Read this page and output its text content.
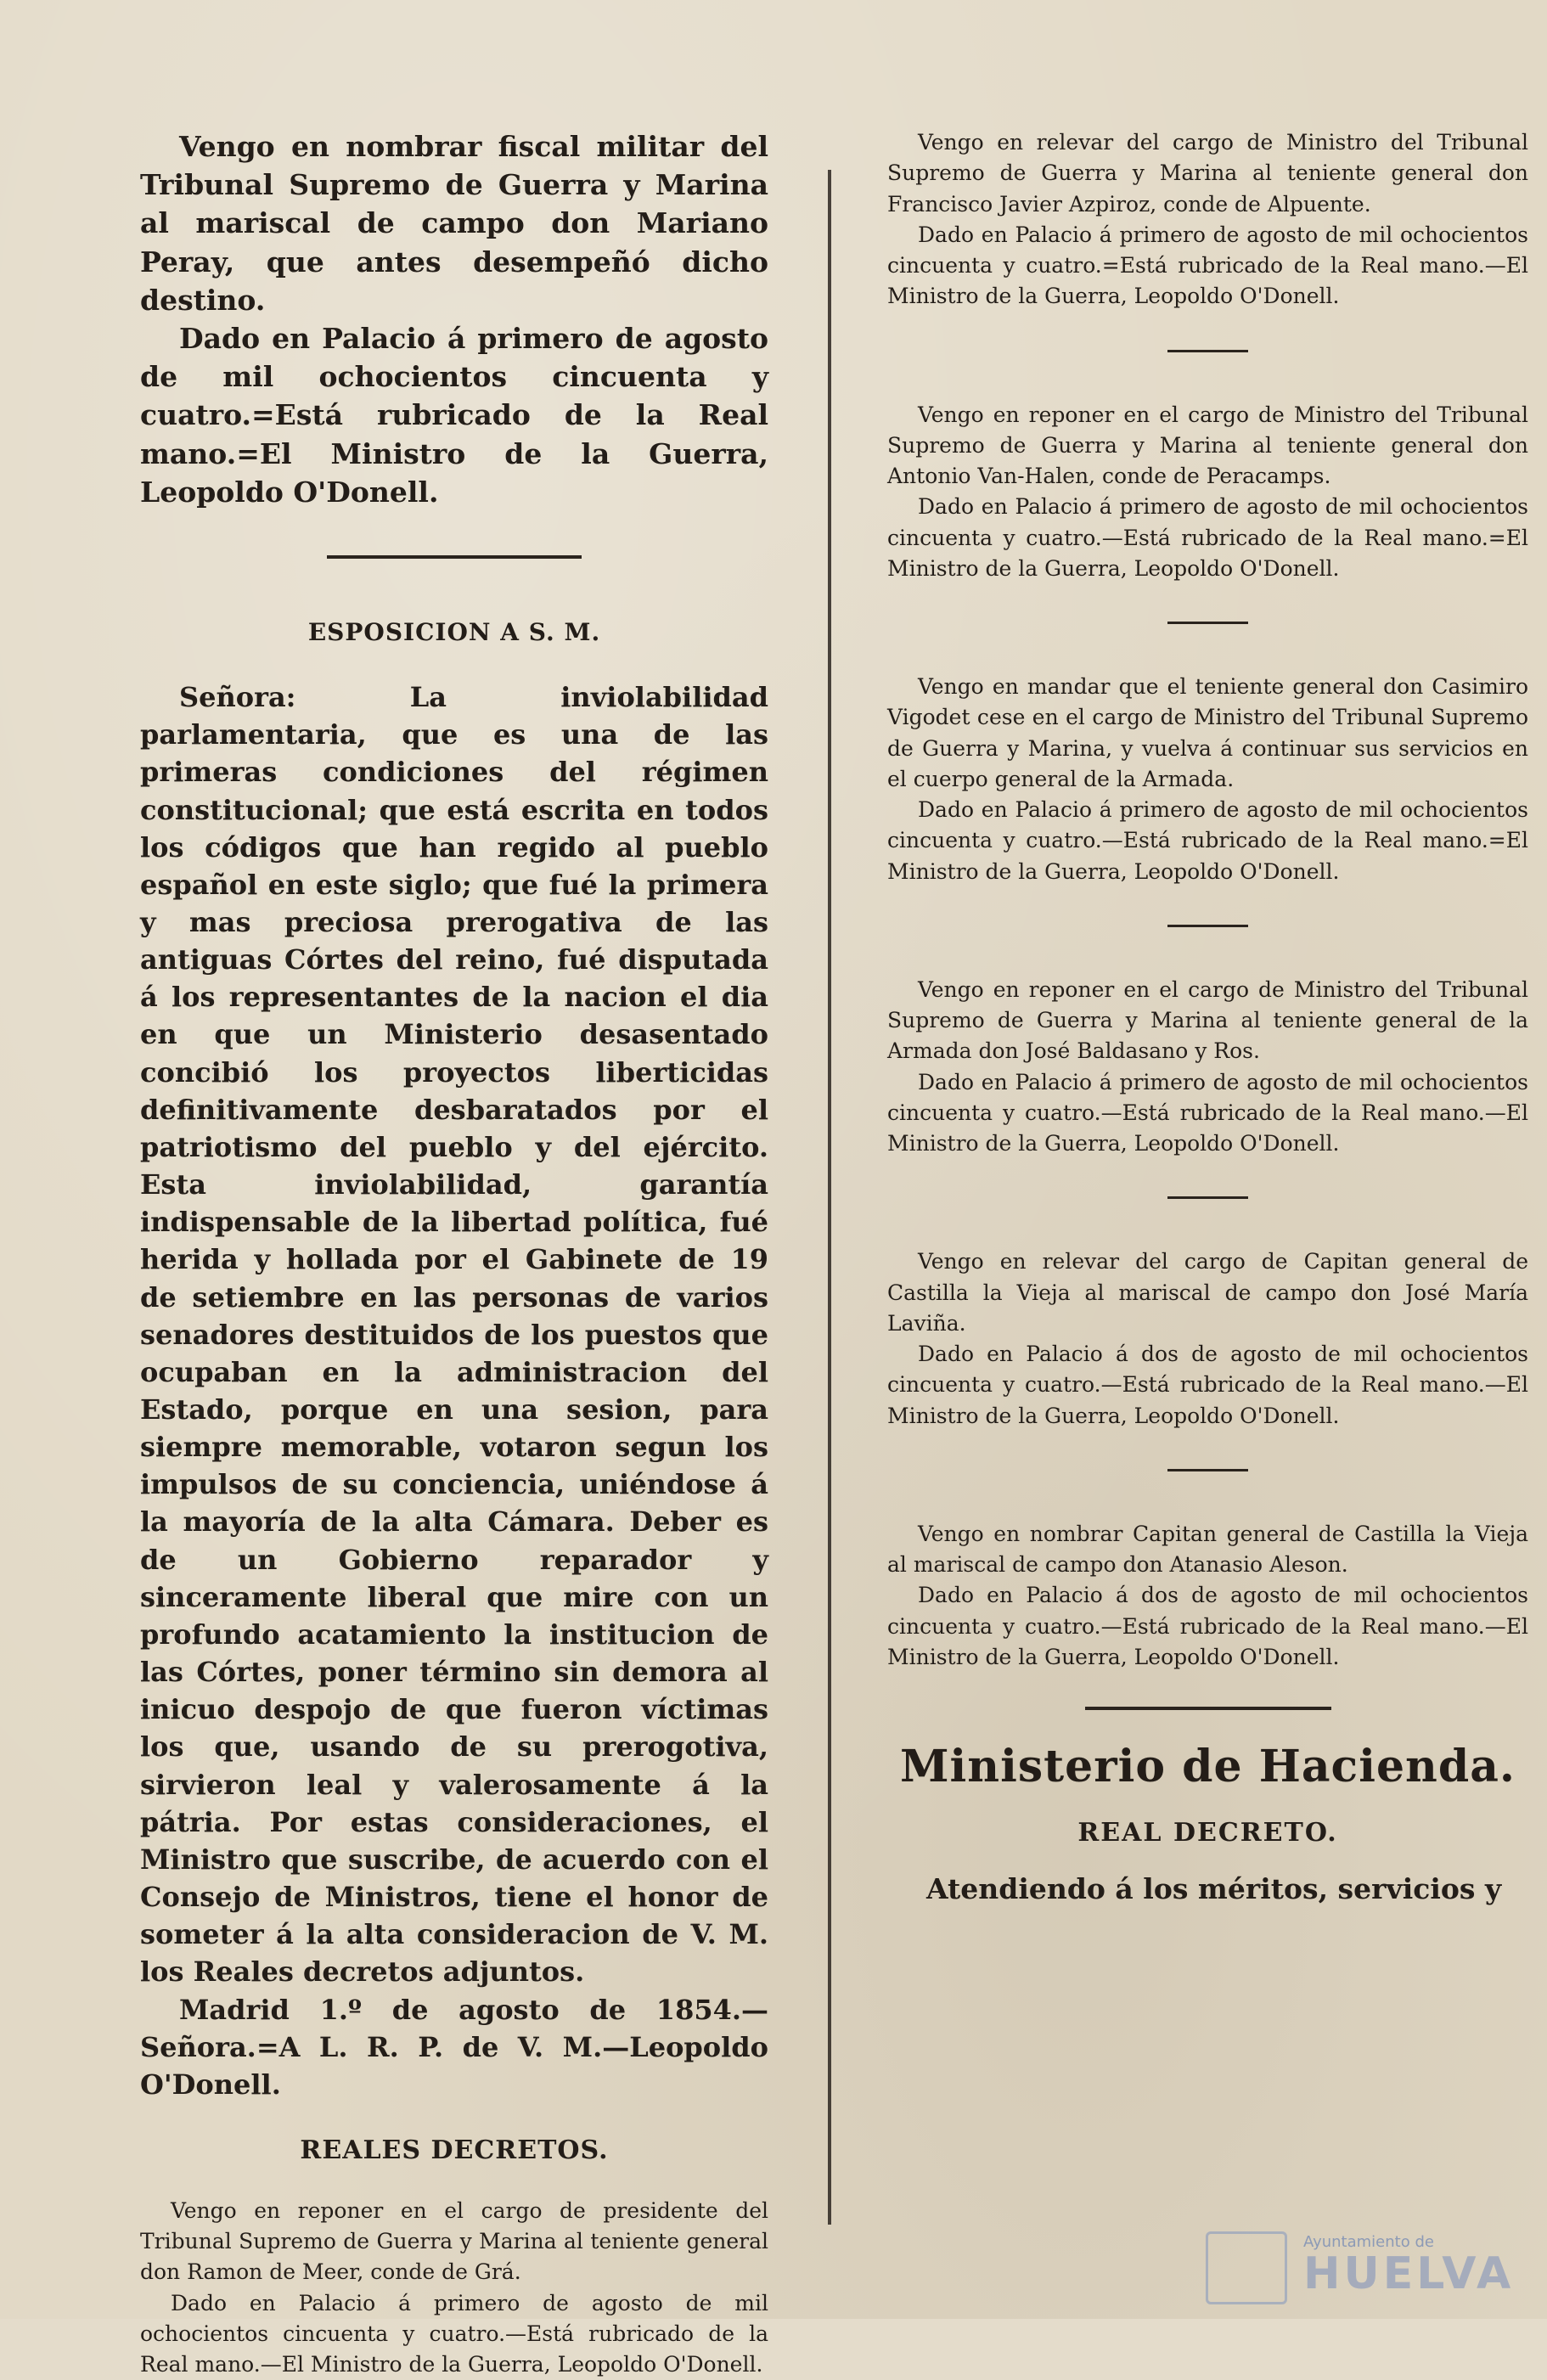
Vengo en nombrar fiscal militar del Tribunal Supremo de Guerra y Marina al mariscal de campo don Mariano Peray, que antes desempeñó dicho destino.

Dado en Palacio á primero de agosto de mil ochocientos cincuenta y cuatro.=Está rubricado de la Real mano.=El Ministro de la Guerra, Leopoldo O'Donell.

ESPOSICION A S. M.

Señora: La inviolabilidad parlamentaria, que es una de las primeras condiciones del régimen constitucional; que está escrita en todos los códigos que han regido al pueblo español en este siglo; que fué la primera y mas preciosa prerogativa de las antiguas Córtes del reino, fué disputada á los representantes de la nacion el dia en que un Ministerio desasentado concibió los proyectos liberticidas definitivamente desbaratados por el patriotismo del pueblo y del ejército. Esta inviolabilidad, garantía indispensable de la libertad política, fué herida y hollada por el Gabinete de 19 de setiembre en las personas de varios senadores destituidos de los puestos que ocupaban en la administracion del Estado, porque en una sesion, para siempre memorable, votaron segun los impulsos de su conciencia, uniéndose á la mayoría de la alta Cámara. Deber es de un Gobierno reparador y sinceramente liberal que mire con un profundo acatamiento la institucion de las Córtes, poner término sin demora al inicuo despojo de que fueron víctimas los que, usando de su prerogotiva, sirvieron leal y valerosamente á la pátria. Por estas consideraciones, el Ministro que suscribe, de acuerdo con el Consejo de Ministros, tiene el honor de someter á la alta consideracion de V. M. los Reales decretos adjuntos.

Madrid 1.º de agosto de 1854.—Señora.=A L. R. P. de V. M.—Leopoldo O'Donell.

REALES DECRETOS.

Vengo en reponer en el cargo de presidente del Tribunal Supremo de Guerra y Marina al teniente general don Ramon de Meer, conde de Grá.

Dado en Palacio á primero de agosto de mil ochocientos cincuenta y cuatro.—Está rubricado de la Real mano.—El Ministro de la Guerra, Leopoldo O'Donell.

Vengo en relevar del cargo de Ministro del Tribunal Supremo de Guerra y Marina al teniente general don Francisco Javier Azpiroz, conde de Alpuente.

Dado en Palacio á primero de agosto de mil ochocientos cincuenta y cuatro.=Está rubricado de la Real mano.—El Ministro de la Guerra, Leopoldo O'Donell.

Vengo en reponer en el cargo de Ministro del Tribunal Supremo de Guerra y Marina al teniente general don Antonio Van-Halen, conde de Peracamps.

Dado en Palacio á primero de agosto de mil ochocientos cincuenta y cuatro.—Está rubricado de la Real mano.=El Ministro de la Guerra, Leopoldo O'Donell.

Vengo en mandar que el teniente general don Casimiro Vigodet cese en el cargo de Ministro del Tribunal Supremo de Guerra y Marina, y vuelva á continuar sus servicios en el cuerpo general de la Armada.

Dado en Palacio á primero de agosto de mil ochocientos cincuenta y cuatro.—Está rubricado de la Real mano.=El Ministro de la Guerra, Leopoldo O'Donell.

Vengo en reponer en el cargo de Ministro del Tribunal Supremo de Guerra y Marina al teniente general de la Armada don José Baldasano y Ros.

Dado en Palacio á primero de agosto de mil ochocientos cincuenta y cuatro.—Está rubricado de la Real mano.—El Ministro de la Guerra, Leopoldo O'Donell.

Vengo en relevar del cargo de Capitan general de Castilla la Vieja al mariscal de campo don José María Laviña.

Dado en Palacio á dos de agosto de mil ochocientos cincuenta y cuatro.—Está rubricado de la Real mano.—El Ministro de la Guerra, Leopoldo O'Donell.

Vengo en nombrar Capitan general de Castilla la Vieja al mariscal de campo don Atanasio Aleson.

Dado en Palacio á dos de agosto de mil ochocientos cincuenta y cuatro.—Está rubricado de la Real mano.—El Ministro de la Guerra, Leopoldo O'Donell.

Ministerio de Hacienda.
REAL DECRETO.

Atendiendo á los méritos, servicios y

Ayuntamiento de
HUELVA
